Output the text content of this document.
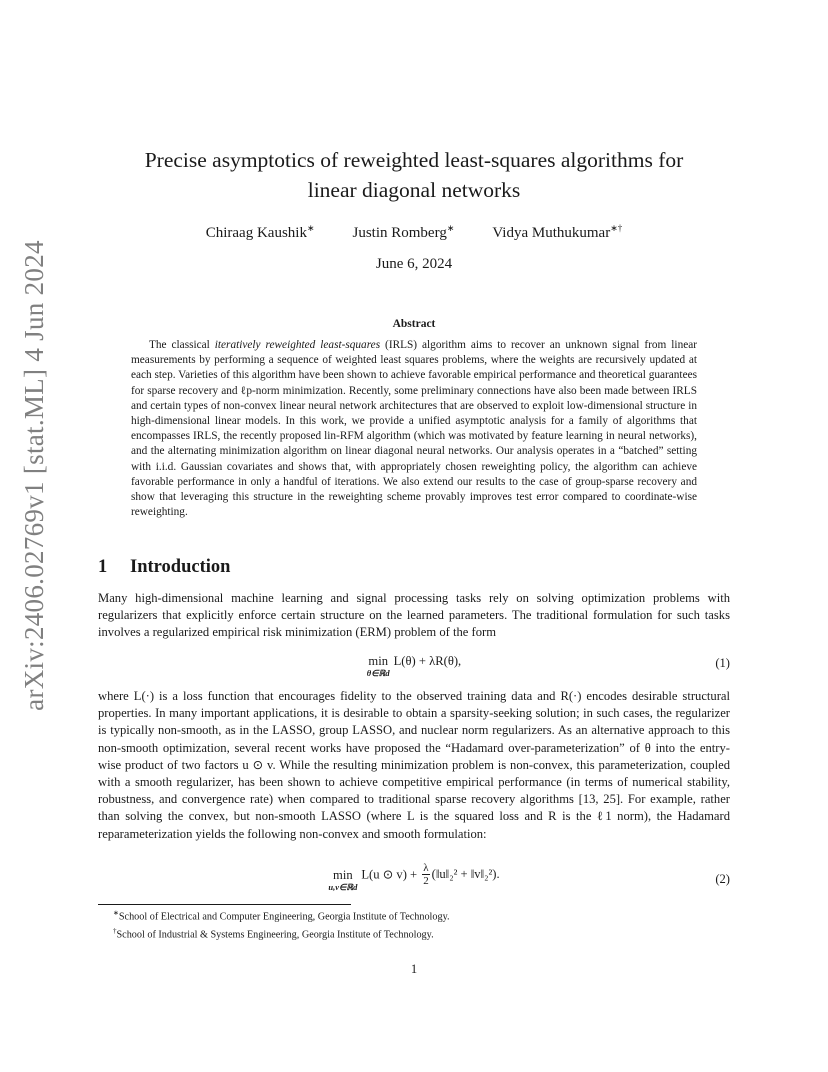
arXiv:2406.02769v1 [stat.ML] 4 Jun 2024
Precise asymptotics of reweighted least-squares algorithms for
linear diagonal networks
Chiraag Kaushik∗	Justin Romberg∗	Vidya Muthukumar∗†
June 6, 2024
Abstract

The classical iteratively reweighted least-squares (IRLS) algorithm aims to recover an unknown signal from linear measurements by performing a sequence of weighted least squares problems, where the weights are recursively updated at each step. Varieties of this algorithm have been shown to achieve favorable empirical performance and theoretical guarantees for sparse recovery and ℓp-norm minimization. Recently, some preliminary connections have also been made between IRLS and certain types of non-convex linear neural network architectures that are observed to exploit low-dimensional structure in high-dimensional linear models. In this work, we provide a unified asymptotic analysis for a family of algorithms that encompasses IRLS, the recently proposed lin-RFM algorithm (which was motivated by feature learning in neural networks), and the alternating minimization algorithm on linear diagonal neural networks. Our analysis operates in a “batched” setting with i.i.d. Gaussian covariates and shows that, with appropriately chosen reweighting policy, the algorithm can achieve favorable performance in only a handful of iterations. We also extend our results to the case of group-sparse recovery and show that leveraging this structure in the reweighting scheme provably improves test error compared to coordinate-wise reweighting.

1 Introduction

Many high-dimensional machine learning and signal processing tasks rely on solving optimization problems with regularizers that explicitly enforce certain structure on the learned parameters. The traditional formulation for such tasks involves a regularized empirical risk minimization (ERM) problem of the form

min
θ∈ℝd
L(θ) + λR(θ),	(1)

where L(·) is a loss function that encourages fidelity to the observed training data and R(·) encodes desirable structural properties. In many important applications, it is desirable to obtain a sparsity-seeking solution; in such cases, the regularizer is typically non-smooth, as in the LASSO, group LASSO, and nuclear norm regularizers. As an alternative approach to this non-smooth optimization, several recent works have proposed the “Hadamard over-parameterization” of θ into the entry-wise product of two factors u ⊙ v. While the resulting minimization problem is non-convex, this parameterization, coupled with a smooth regularizer, has been shown to achieve competitive empirical performance (in terms of numerical stability, robustness, and convergence rate) when compared to traditional sparse recovery algorithms [13, 25]. For example, rather than solving the convex, but non-smooth LASSO (where L is the squared loss and R is the ℓ1 norm), the Hadamard reparameterization yields the following non-convex and smooth formulation:

min
u,v∈ℝd
L(u ⊙ $v) + \frac{\lambda}{2}$ (‖u‖₂² + ‖v‖₂²).	(2)
∗School of Electrical and Computer Engineering, Georgia Institute of Technology.
†School of Industrial & Systems Engineering, Georgia Institute of Technology.
1
